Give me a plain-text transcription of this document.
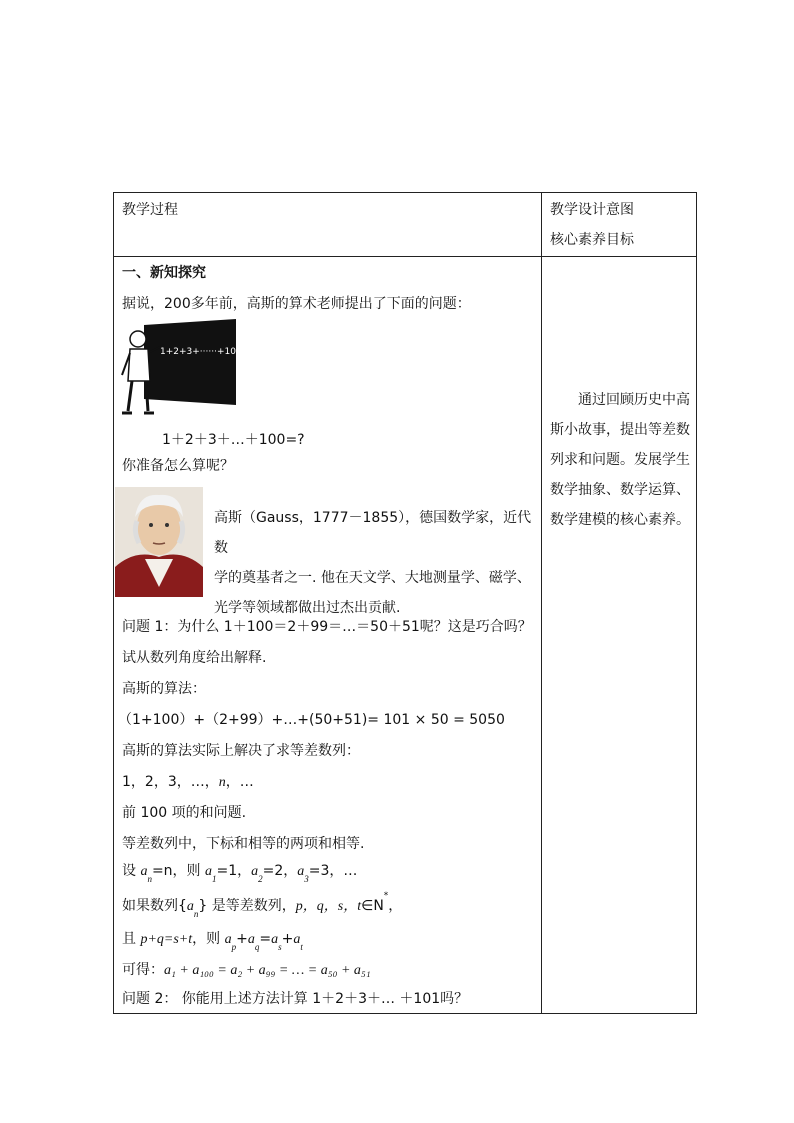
教学过程	教学设计意图
核心素养目标
一、新知探究
据说，200多年前，高斯的算术老师提出了下面的问题：
1+2+3+······+100=?
1＋2＋3＋…＋100=?
你准备怎么算呢？

高斯（Gauss，1777－1855），德国数学家，近代数

学的奠基者之一. 他在天文学、大地测量学、磁学、

光学等领域都做出过杰出贡献.

问题 1：为什么 1＋100＝2＋99＝…＝50＋51呢？这是巧合吗？
试从数列角度给出解释.
高斯的算法：
（1+100）+（2+99）+…+(50+51)= 101 × 50 = 5050
高斯的算法实际上解决了求等差数列：
1，2，3，…，n，…
前 100 项的和问题.
等差数列中，下标和相等的两项和相等.
设 $a_n=n$，则 $a_1=1$，$a_2=2$，$a_3=3$，…
如果数列$\{a_n\}$ 是等差数列，p，q，s，t∈N*，
且 p+q=s+t，则 $a_p+a_q=a_s+a_t$
可得：a₁ + a₁₀₀ = a₂ + a₉₉ = … = a₅₀ + a₅₁
问题 2： 你能用上述方法计算 1＋2＋3＋… ＋101吗？

通过回顾历史中高斯小故事，提出等差数列求和问题。发展学生数学抽象、数学运算、数学建模的核心素养。
